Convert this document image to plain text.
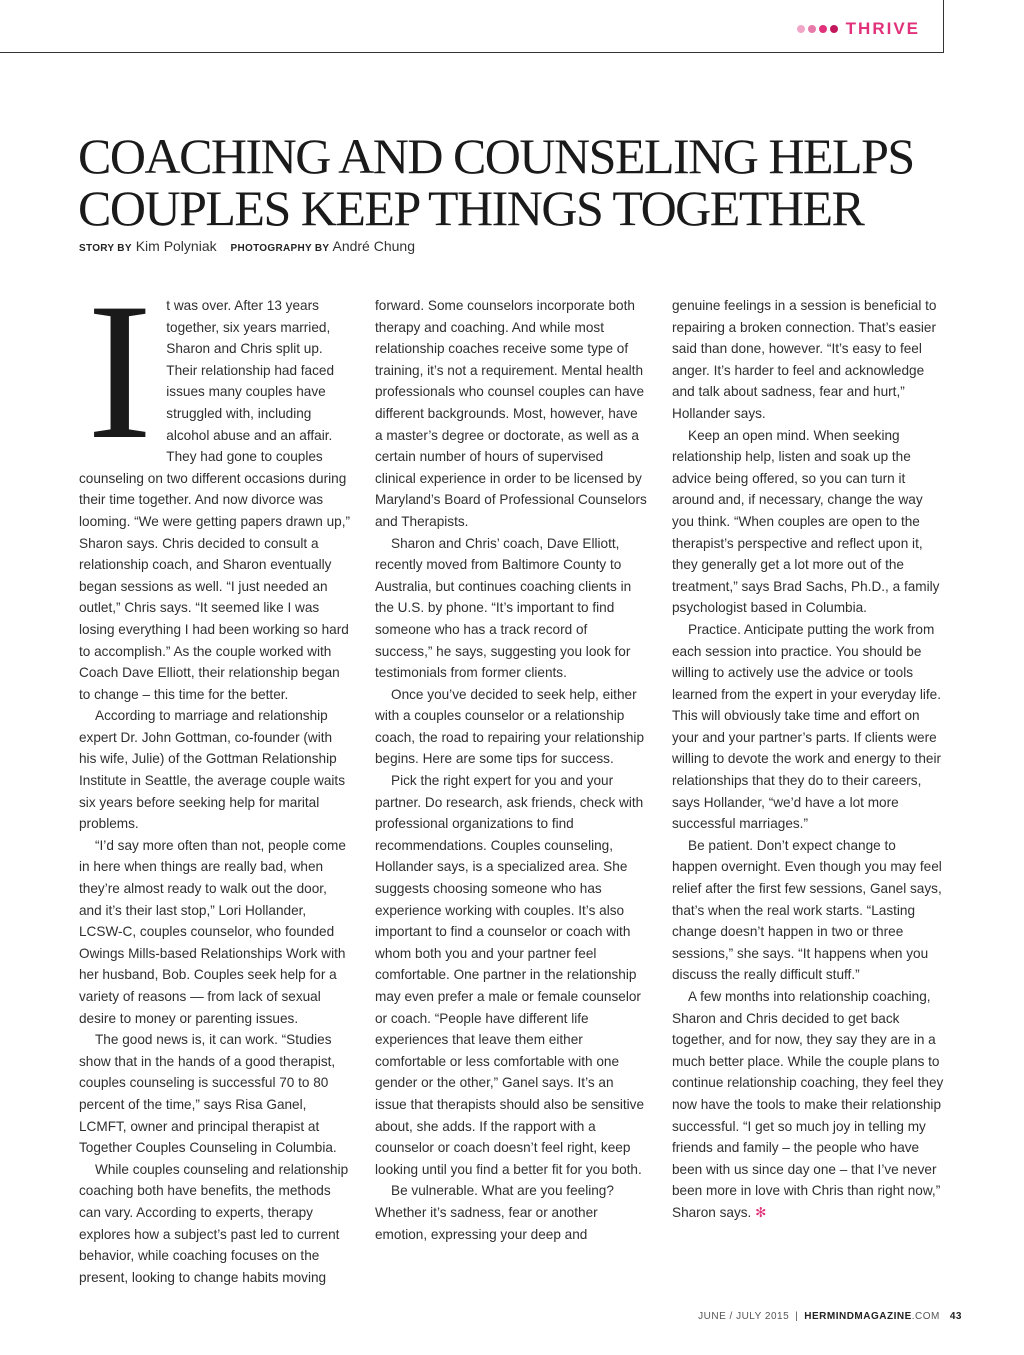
THRIVE
COACHING AND COUNSELING HELPS
COUPLES KEEP THINGS TOGETHER
STORY BY Kim Polyniak PHOTOGRAPHY BY André Chung

I t was over. After 13 years together, six years married, Sharon and Chris split up. Their relationship had faced issues many couples have struggled with, including alcohol abuse and an affair. They had gone to couples counseling on two different occasions during their time together. And now divorce was looming. “We were getting papers drawn up,” Sharon says. Chris decided to consult a relationship coach, and Sharon eventually began sessions as well. “I just needed an outlet,” Chris says. “It seemed like I was losing everything I had been working so hard to accomplish.” As the couple worked with Coach Dave Elliott, their relationship began to change – this time for the better.

According to marriage and relationship expert Dr. John Gottman, co-founder (with his wife, Julie) of the Gottman Relationship Institute in Seattle, the average couple waits six years before seeking help for marital problems.

“I’d say more often than not, people come in here when things are really bad, when they’re almost ready to walk out the door, and it’s their last stop,” Lori Hollander, LCSW-C, couples counselor, who founded Owings Mills-based Relationships Work with her husband, Bob. Couples seek help for a variety of reasons — from lack of sexual desire to money or parenting issues.

The good news is, it can work. “Studies show that in the hands of a good therapist, couples counseling is successful 70 to 80 percent of the time,” says Risa Ganel, LCMFT, owner and principal therapist at Together Couples Counseling in Columbia.

While couples counseling and relationship coaching both have benefits, the methods can vary. According to experts, therapy explores how a subject’s past led to current behavior, while coaching focuses on the present, looking to change habits moving

forward. Some counselors incorporate both therapy and coaching. And while most relationship coaches receive some type of training, it’s not a requirement. Mental health professionals who counsel couples can have different backgrounds. Most, however, have a master’s degree or doctorate, as well as a certain number of hours of supervised clinical experience in order to be licensed by Maryland’s Board of Professional Counselors and Therapists.

Sharon and Chris’ coach, Dave Elliott, recently moved from Baltimore County to Australia, but continues coaching clients in the U.S. by phone. “It’s important to find someone who has a track record of success,” he says, suggesting you look for testimonials from former clients.

Once you’ve decided to seek help, either with a couples counselor or a relationship coach, the road to repairing your relationship begins. Here are some tips for success.

Pick the right expert for you and your partner. Do research, ask friends, check with professional organizations to find recommendations. Couples counseling, Hollander says, is a specialized area. She suggests choosing someone who has experience working with couples. It’s also important to find a counselor or coach with whom both you and your partner feel comfortable. One partner in the relationship may even prefer a male or female counselor or coach. “People have different life experiences that leave them either comfortable or less comfortable with one gender or the other,” Ganel says. It’s an issue that therapists should also be sensitive about, she adds. If the rapport with a counselor or coach doesn’t feel right, keep looking until you find a better fit for you both.

Be vulnerable. What are you feeling? Whether it’s sadness, fear or another emotion, expressing your deep and

genuine feelings in a session is beneficial to repairing a broken connection. That’s easier said than done, however. “It’s easy to feel anger. It’s harder to feel and acknowledge and talk about sadness, fear and hurt,” Hollander says.

Keep an open mind. When seeking relationship help, listen and soak up the advice being offered, so you can turn it around and, if necessary, change the way you think. “When couples are open to the therapist’s perspective and reflect upon it, they generally get a lot more out of the treatment,” says Brad Sachs, Ph.D., a family psychologist based in Columbia.

Practice. Anticipate putting the work from each session into practice. You should be willing to actively use the advice or tools learned from the expert in your everyday life. This will obviously take time and effort on your and your partner’s parts. If clients were willing to devote the work and energy to their relationships that they do to their careers, says Hollander, “we’d have a lot more successful marriages.”

Be patient. Don’t expect change to happen overnight. Even though you may feel relief after the first few sessions, Ganel says, that’s when the real work starts. “Lasting change doesn’t happen in two or three sessions,” she says. “It happens when you discuss the really difficult stuff.”

A few months into relationship coaching, Sharon and Chris decided to get back together, and for now, they say they are in a much better place. While the couple plans to continue relationship coaching, they feel they now have the tools to make their relationship successful. “I get so much joy in telling my friends and family – the people who have been with us since day one – that I’ve never been more in love with Chris than right now,” Sharon says. ✻

JUNE / JULY 2015 | HERMINDMAGAZINE.COM 43
